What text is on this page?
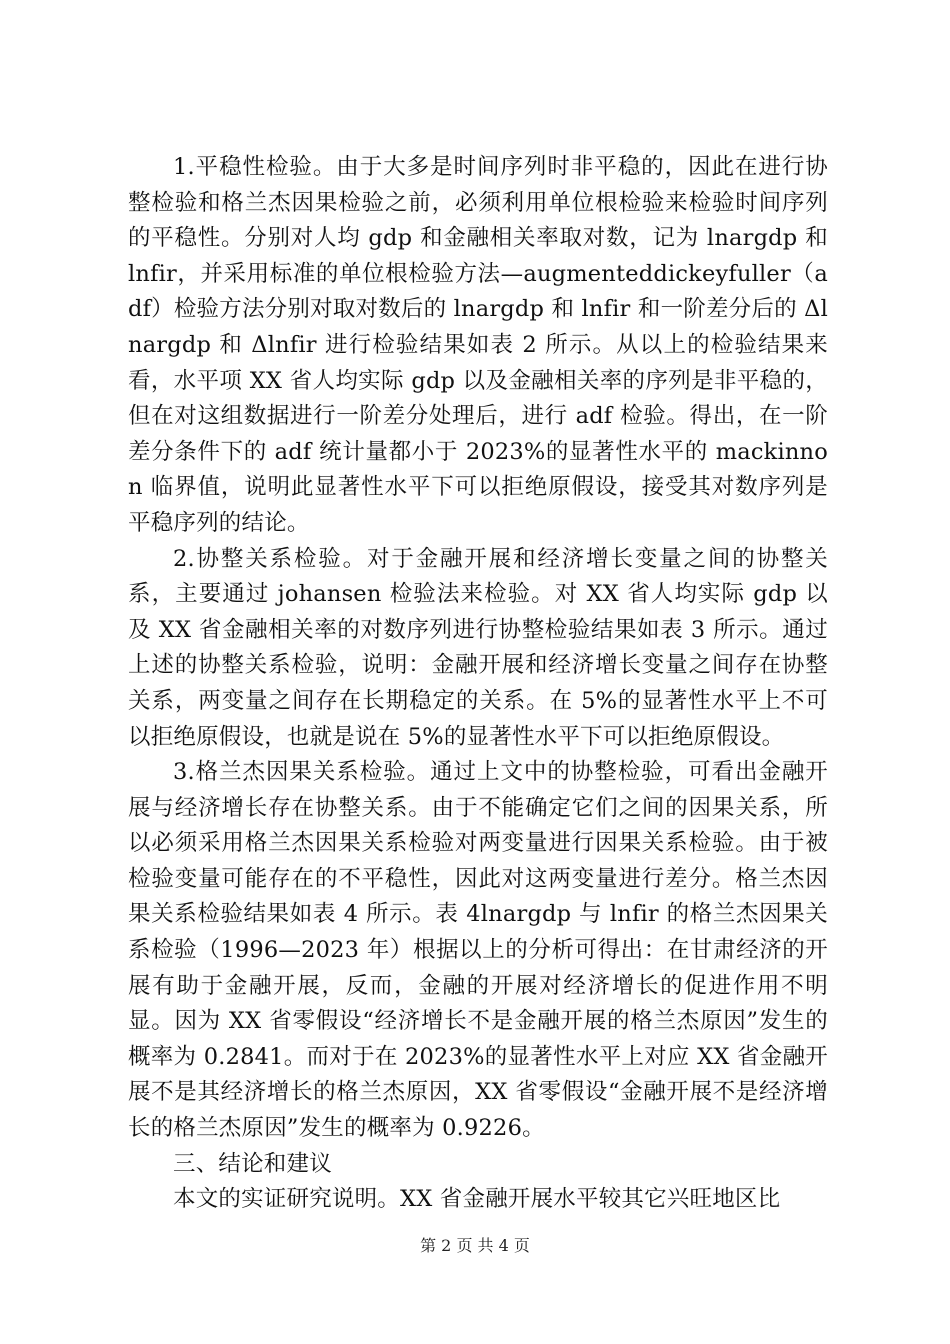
1.平稳性检验。由于大多是时间序列时非平稳的，因此在进行协整检验和格兰杰因果检验之前，必须利用单位根检验来检验时间序列的平稳性。分别对人均 gdp 和金融相关率取对数，记为 lnargdp 和 lnfir，并采用标准的单位根检验方法—augmenteddickeyfuller（adf）检验方法分别对取对数后的 lnargdp 和 lnfir 和一阶差分后的 Δlnargdp 和 Δlnfir 进行检验结果如表 2 所示。从以上的检验结果来看，水平项 XX 省人均实际 gdp 以及金融相关率的序列是非平稳的，但在对这组数据进行一阶差分处理后，进行 adf 检验。得出，在一阶差分条件下的 adf 统计量都小于 2023%的显著性水平的 mackinnon 临界值，说明此显著性水平下可以拒绝原假设，接受其对数序列是平稳序列的结论。

2.协整关系检验。对于金融开展和经济增长变量之间的协整关系，主要通过 johansen 检验法来检验。对 XX 省人均实际 gdp 以及 XX 省金融相关率的对数序列进行协整检验结果如表 3 所示。通过上述的协整关系检验，说明：金融开展和经济增长变量之间存在协整关系，两变量之间存在长期稳定的关系。在 5%的显著性水平上不可以拒绝原假设，也就是说在 5%的显著性水平下可以拒绝原假设。

3.格兰杰因果关系检验。通过上文中的协整检验，可看出金融开展与经济增长存在协整关系。由于不能确定它们之间的因果关系，所以必须采用格兰杰因果关系检验对两变量进行因果关系检验。由于被检验变量可能存在的不平稳性，因此对这两变量进行差分。格兰杰因果关系检验结果如表 4 所示。表 4lnargdp 与 lnfir 的格兰杰因果关系检验（1996—2023 年）根据以上的分析可得出：在甘肃经济的开展有助于金融开展，反而，金融的开展对经济增长的促进作用不明显。因为 XX 省零假设“经济增长不是金融开展的格兰杰原因”发生的概率为 0.2841。而对于在 2023%的显著性水平上对应 XX 省金融开展不是其经济增长的格兰杰原因，XX 省零假设“金融开展不是经济增长的格兰杰原因”发生的概率为 0.9226。

三、结论和建议

本文的实证研究说明。XX 省金融开展水平较其它兴旺地区比

第 2 页 共 4 页
